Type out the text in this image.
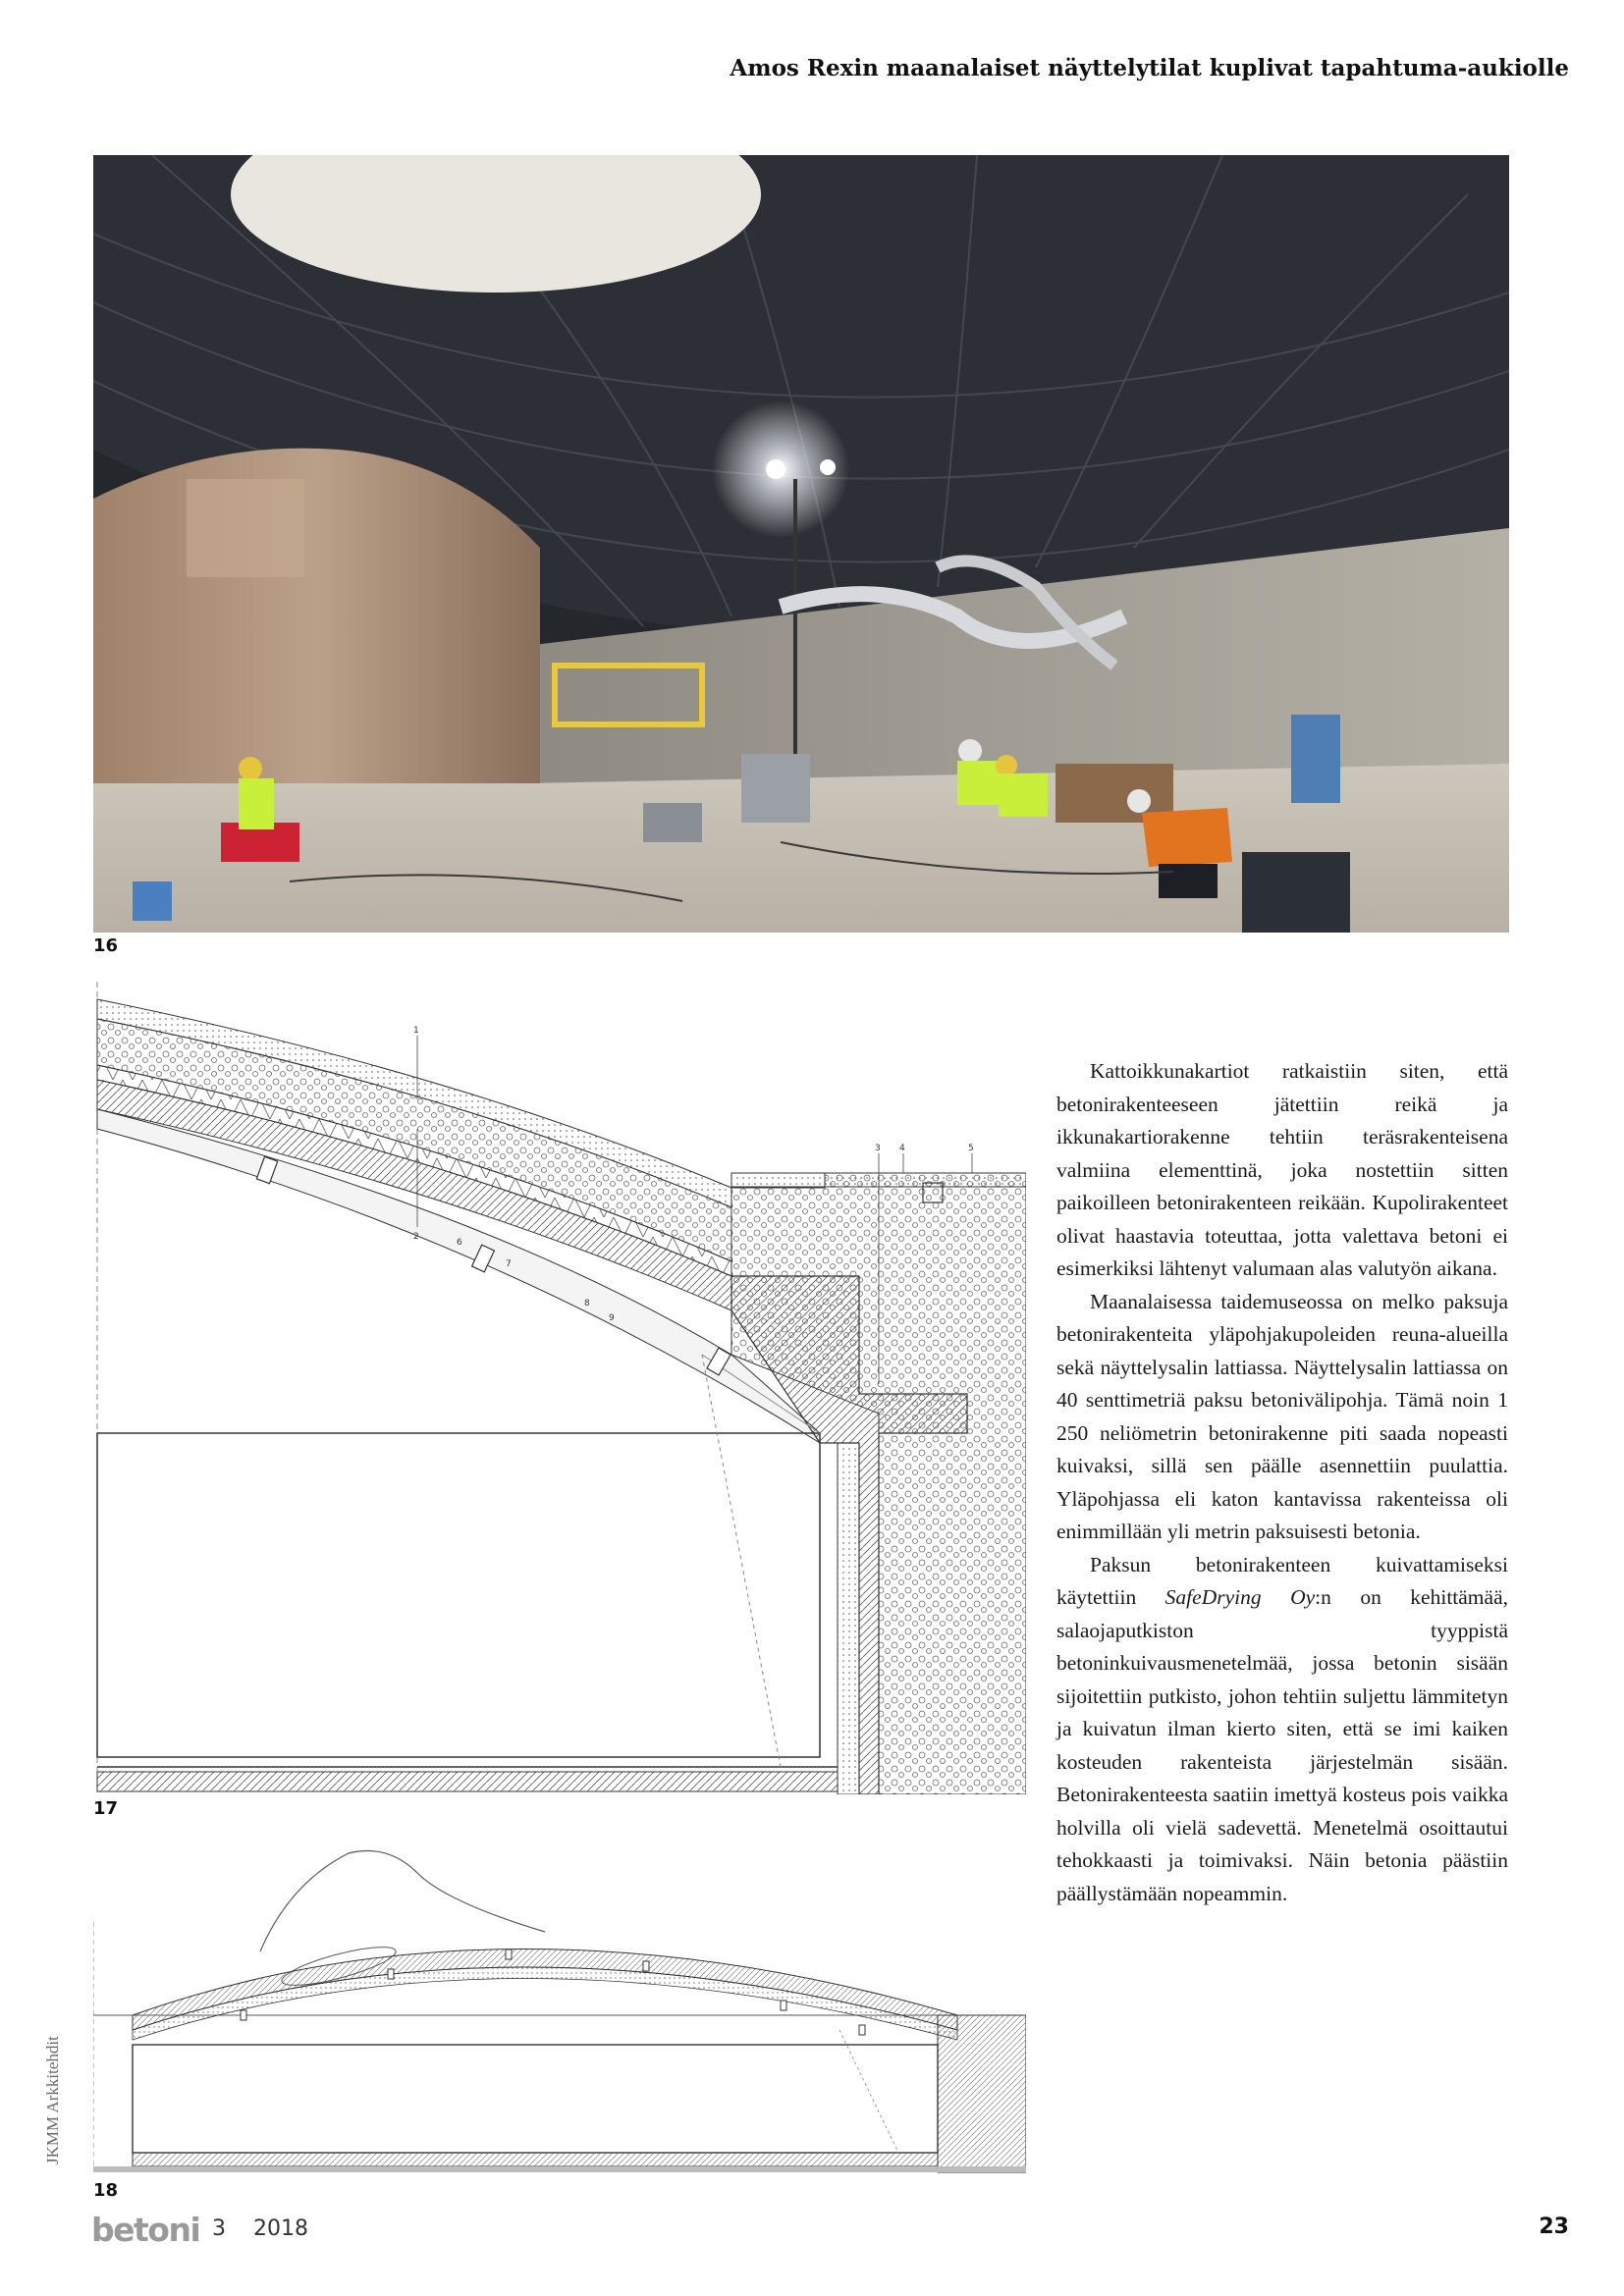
Amos Rexin maanalaiset näyttelytilat kuplivat tapahtuma-aukiolle
16
1
2
3 4	5
6
7
8
9
17
18

Kattoikkunakartiot ratkaistiin siten, että betonirakenteeseen jätettiin reikä ja ikkunakartiorakenne tehtiin teräsrakenteisena valmiina elementtinä, joka nostettiin sitten paikoilleen betonirakenteen reikään. Kupolirakenteet olivat haastavia toteuttaa, jotta valettava betoni ei esimerkiksi lähtenyt valumaan alas valutyön aikana.

Maanalaisessa taidemuseossa on melko paksuja betonirakenteita yläpohjakupoleiden reuna-alueilla sekä näyttelysalin lattiassa. Näyttelysalin lattiassa on 40 senttimetriä paksu betonivälipohja. Tämä noin 1 250 neliömetrin betonirakenne piti saada nopeasti kuivaksi, sillä sen päälle asennettiin puulattia. Yläpohjassa eli katon kantavissa rakenteissa oli enimmillään yli metrin paksuisesti betonia.

Paksun betonirakenteen kuivattamiseksi käytettiin SafeDrying Oy:n on kehittämää, salaojaputkiston tyyppistä betoninkuivausmenetelmää, jossa betonin sisään sijoitettiin putkisto, johon tehtiin suljettu lämmitetyn ja kuivatun ilman kierto siten, että se imi kaiken kosteuden rakenteista järjestelmän sisään. Betonirakenteesta saatiin imettyä kosteus pois vaikka holvilla oli vielä sadevettä. Menetelmä osoittautui tehokkaasti ja toimivaksi. Näin betonia päästiin päällystämään nopeammin.

JKMM Arkkitehdit
betoni 3 2018	23
